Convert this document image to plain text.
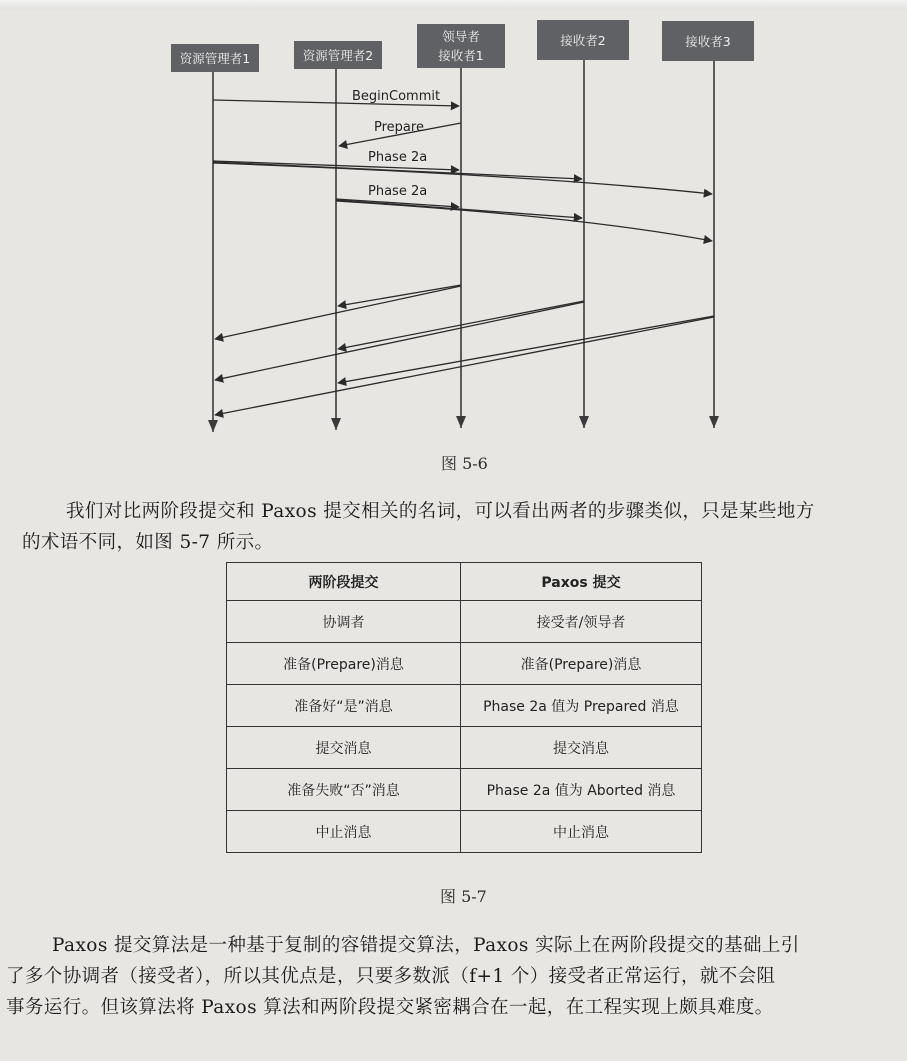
资源管理者1	资源管理者2
领导者
接收者1
接收者2	接收者3
BeginCommit
Prepare
Phase 2a
Phase 2a
图 5-6
我们对比两阶段提交和 Paxos 提交相关的名词，可以看出两者的步骤类似，只是某些地方
的术语不同，如图 5-7 所示。
两阶段提交	Paxos 提交
协调者	接受者/领导者
准备(Prepare)消息	准备(Prepare)消息
准备好“是”消息	Phase 2a 值为 Prepared 消息
提交消息	提交消息
准备失败“否”消息	Phase 2a 值为 Aborted 消息
中止消息	中止消息
图 5-7
Paxos 提交算法是一种基于复制的容错提交算法，Paxos 实际上在两阶段提交的基础上引
了多个协调者（接受者），所以其优点是，只要多数派（f+1 个）接受者正常运行，就不会阻
事务运行。但该算法将 Paxos 算法和两阶段提交紧密耦合在一起，在工程实现上颇具难度。
